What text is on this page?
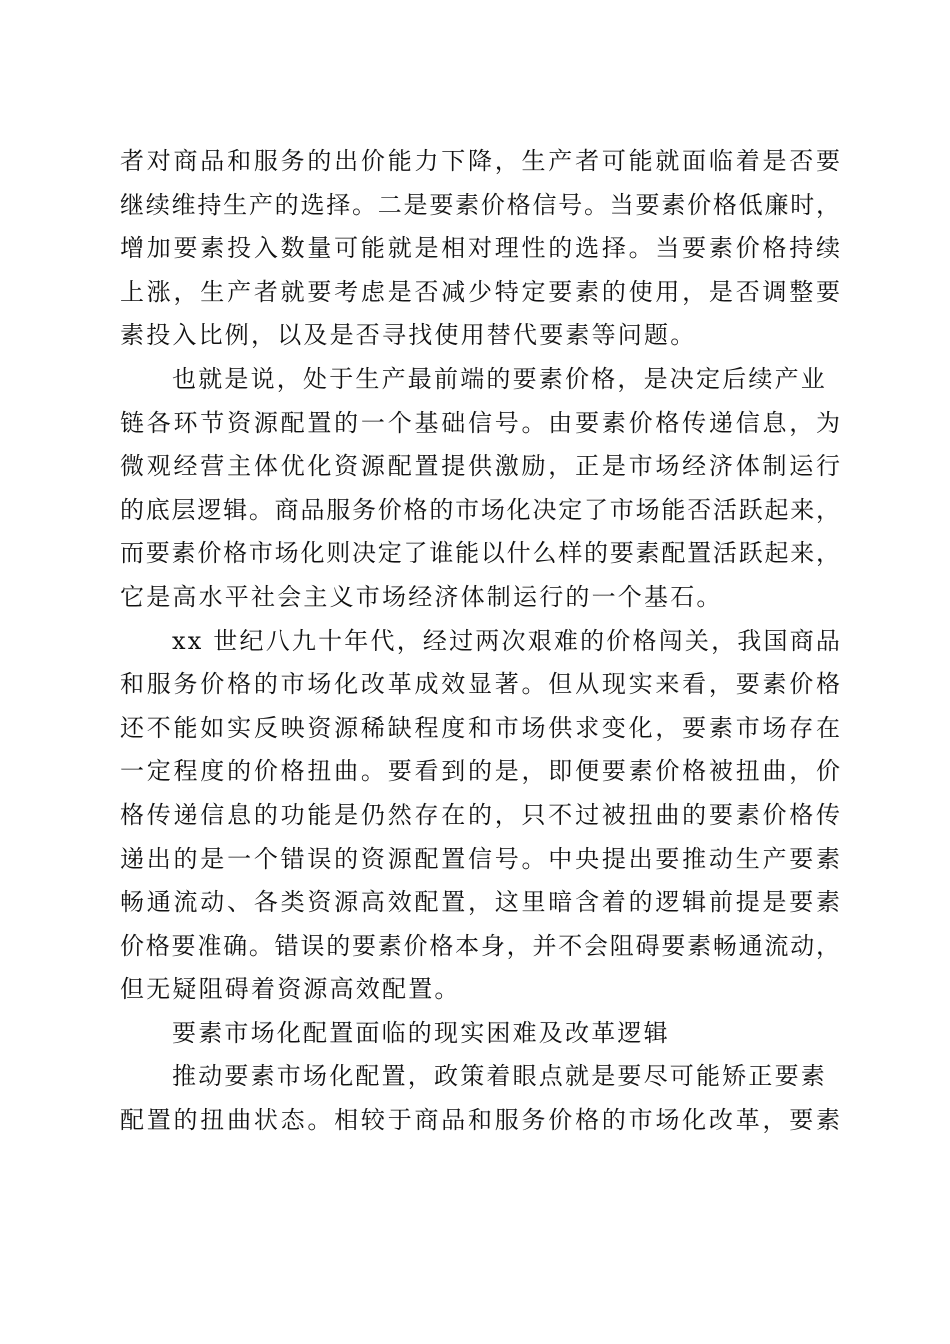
者对商品和服务的出价能力下降，生产者可能就面临着是否要
继续维持生产的选择。二是要素价格信号。当要素价格低廉时，
增加要素投入数量可能就是相对理性的选择。当要素价格持续
上涨，生产者就要考虑是否减少特定要素的使用，是否调整要
素投入比例，以及是否寻找使用替代要素等问题。
也就是说，处于生产最前端的要素价格，是决定后续产业
链各环节资源配置的一个基础信号。由要素价格传递信息，为
微观经营主体优化资源配置提供激励，正是市场经济体制运行
的底层逻辑。商品服务价格的市场化决定了市场能否活跃起来，
而要素价格市场化则决定了谁能以什么样的要素配置活跃起来，
它是高水平社会主义市场经济体制运行的一个基石。
xx 世纪八九十年代，经过两次艰难的价格闯关，我国商品
和服务价格的市场化改革成效显著。但从现实来看，要素价格
还不能如实反映资源稀缺程度和市场供求变化，要素市场存在
一定程度的价格扭曲。要看到的是，即便要素价格被扭曲，价
格传递信息的功能是仍然存在的，只不过被扭曲的要素价格传
递出的是一个错误的资源配置信号。中央提出要推动生产要素
畅通流动、各类资源高效配置，这里暗含着的逻辑前提是要素
价格要准确。错误的要素价格本身，并不会阻碍要素畅通流动，
但无疑阻碍着资源高效配置。
要素市场化配置面临的现实困难及改革逻辑
推动要素市场化配置，政策着眼点就是要尽可能矫正要素
配置的扭曲状态。相较于商品和服务价格的市场化改革，要素
